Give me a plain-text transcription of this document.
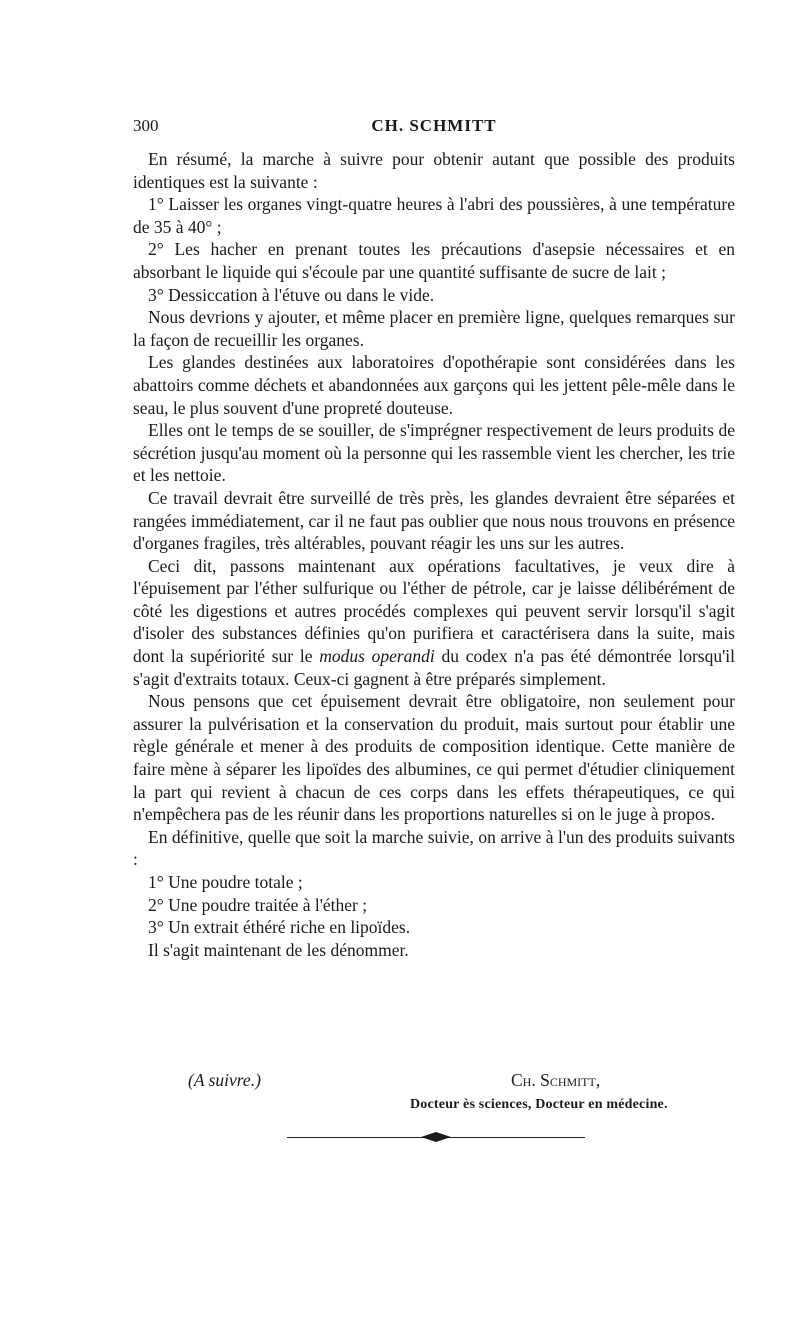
300	CH. SCHMITT

En résumé, la marche à suivre pour obtenir autant que possible des produits identiques est la suivante :

1° Laisser les organes vingt-quatre heures à l'abri des poussières, à une température de 35 à 40° ;

2° Les hacher en prenant toutes les précautions d'asepsie nécessaires et en absorbant le liquide qui s'écoule par une quantité suffisante de sucre de lait ;

3° Dessiccation à l'étuve ou dans le vide.

Nous devrions y ajouter, et même placer en première ligne, quelques remarques sur la façon de recueillir les organes.

Les glandes destinées aux laboratoires d'opothérapie sont considérées dans les abattoirs comme déchets et abandonnées aux garçons qui les jettent pêle-mêle dans le seau, le plus souvent d'une propreté douteuse.

Elles ont le temps de se souiller, de s'imprégner respectivement de leurs produits de sécrétion jusqu'au moment où la personne qui les rassemble vient les chercher, les trie et les nettoie.

Ce travail devrait être surveillé de très près, les glandes devraient être séparées et rangées immédiatement, car il ne faut pas oublier que nous nous trouvons en présence d'organes fragiles, très altérables, pouvant réagir les uns sur les autres.

Ceci dit, passons maintenant aux opérations facultatives, je veux dire à l'épuisement par l'éther sulfurique ou l'éther de pétrole, car je laisse délibérément de côté les digestions et autres procédés complexes qui peuvent servir lorsqu'il s'agit d'isoler des substances définies qu'on purifiera et caractérisera dans la suite, mais dont la supériorité sur le modus operandi du codex n'a pas été démontrée lorsqu'il s'agit d'extraits totaux. Ceux-ci gagnent à être préparés simplement.

Nous pensons que cet épuisement devrait être obligatoire, non seulement pour assurer la pulvérisation et la conservation du produit, mais surtout pour établir une règle générale et mener à des produits de composition identique. Cette manière de faire mène à séparer les lipoïdes des albumines, ce qui permet d'étudier cliniquement la part qui revient à chacun de ces corps dans les effets thérapeutiques, ce qui n'empêchera pas de les réunir dans les proportions naturelles si on le juge à propos.

En définitive, quelle que soit la marche suivie, on arrive à l'un des produits suivants :

1° Une poudre totale ;

2° Une poudre traitée à l'éther ;

3° Un extrait éthéré riche en lipoïdes.

Il s'agit maintenant de les dénommer.

(A suivre.)	Ch. Schmitt,
Docteur ès sciences, Docteur en médecine.
